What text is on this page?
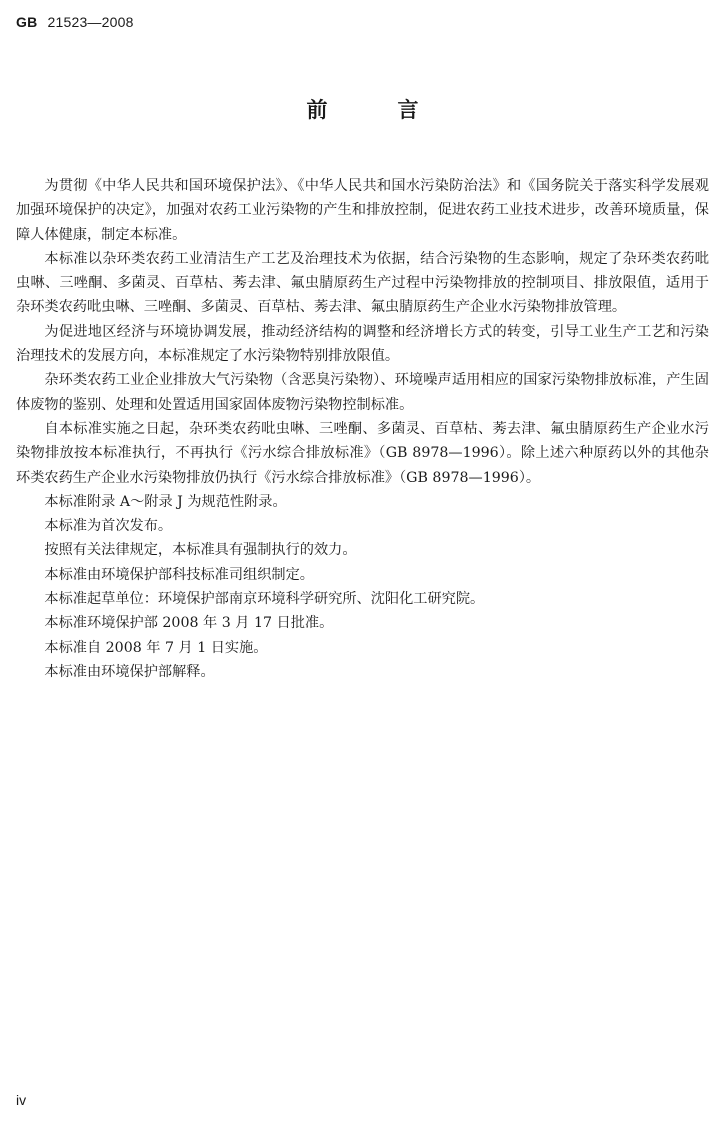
GB 21523—2008
前言

为贯彻《中华人民共和国环境保护法》、《中华人民共和国水污染防治法》和《国务院关于落实科学发展观加强环境保护的决定》，加强对农药工业污染物的产生和排放控制，促进农药工业技术进步，改善环境质量，保障人体健康，制定本标准。

本标准以杂环类农药工业清洁生产工艺及治理技术为依据，结合污染物的生态影响，规定了杂环类农药吡虫啉、三唑酮、多菌灵、百草枯、莠去津、氟虫腈原药生产过程中污染物排放的控制项目、排放限值，适用于杂环类农药吡虫啉、三唑酮、多菌灵、百草枯、莠去津、氟虫腈原药生产企业水污染物排放管理。

为促进地区经济与环境协调发展，推动经济结构的调整和经济增长方式的转变，引导工业生产工艺和污染治理技术的发展方向，本标准规定了水污染物特别排放限值。

杂环类农药工业企业排放大气污染物（含恶臭污染物）、环境噪声适用相应的国家污染物排放标准，产生固体废物的鉴别、处理和处置适用国家固体废物污染物控制标准。

自本标准实施之日起，杂环类农药吡虫啉、三唑酮、多菌灵、百草枯、莠去津、氟虫腈原药生产企业水污染物排放按本标准执行，不再执行《污水综合排放标准》（GB 8978—1996）。除上述六种原药以外的其他杂环类农药生产企业水污染物排放仍执行《污水综合排放标准》（GB 8978—1996）。

本标准附录 A～附录 J 为规范性附录。

本标准为首次发布。

按照有关法律规定，本标准具有强制执行的效力。

本标准由环境保护部科技标准司组织制定。

本标准起草单位：环境保护部南京环境科学研究所、沈阳化工研究院。

本标准环境保护部 2008 年 3 月 17 日批准。

本标准自 2008 年 7 月 1 日实施。

本标准由环境保护部解释。

iv
